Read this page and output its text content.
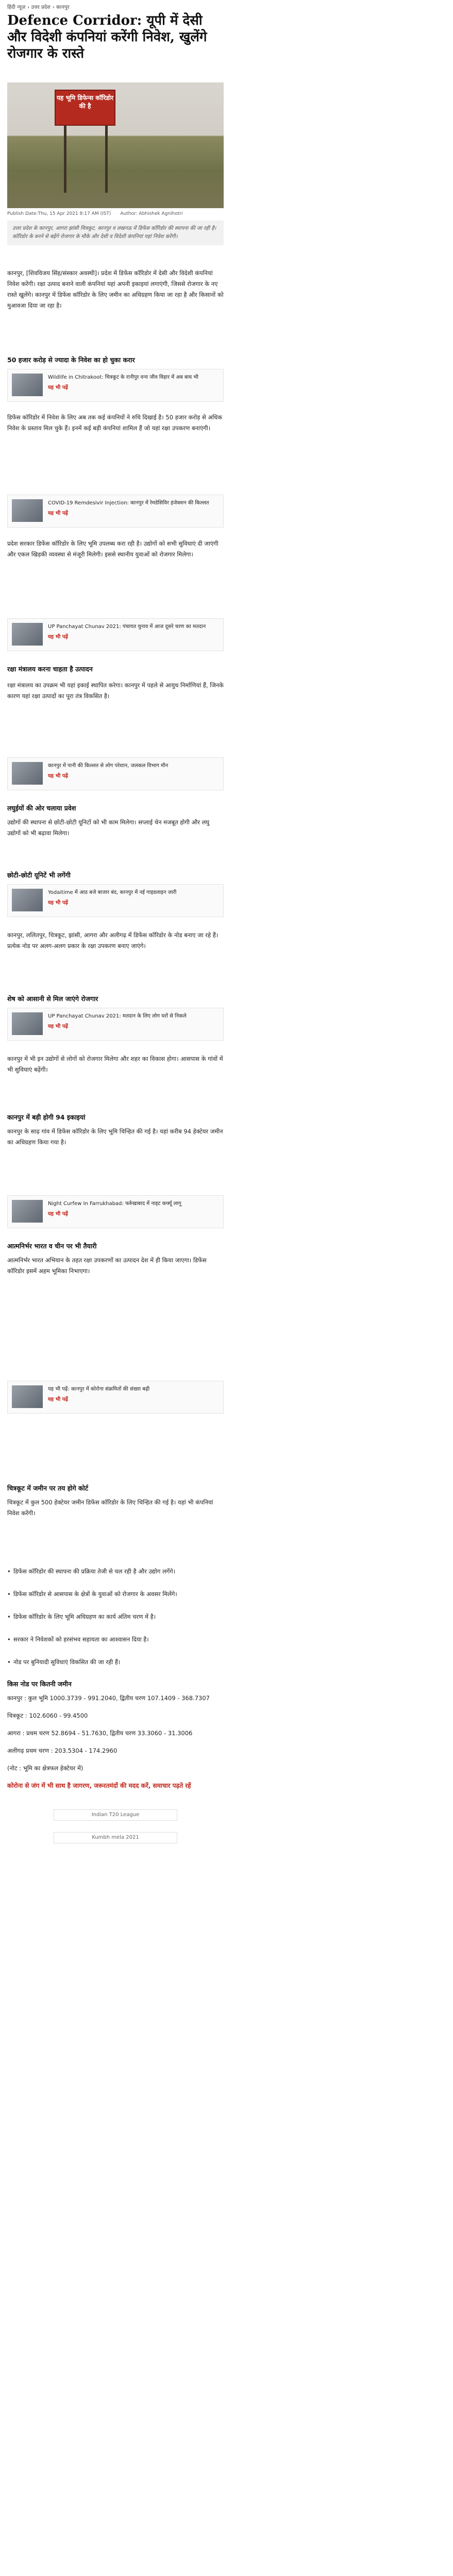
हिंदी न्यूज़ › उत्तर प्रदेश › कानपुर
Defence Corridor: यूपी में देसी और विदेशी कंपनियां करेंगी निवेश, खुलेंगे रोजगार के रास्ते
यह भूमि डिफेन्स कॉरिडोर की है
Publish Date:Thu, 15 Apr 2021 8:17 AM (IST) Author: Abhishek Agnihotri
उत्तर प्रदेश के कानपुर, आगरा झांसी चित्रकूट, कानपुर व लखनऊ में डिफेंस कॉरिडोर की स्थापना की जा रही है। कॉरिडोर के बनने से बढ़ेंगे रोजगार के मौके और देसी व विदेशी कंपनियां यहां निवेश करेंगी।
कानपुर, [शिवविजय सिंह/संस्कार अवस्थी]। प्रदेश में डिफेंस कॉरिडोर में देसी और विदेशी कंपनियां निवेश करेंगी। रक्षा उत्पाद बनाने वाली कंपनियां यहां अपनी इकाइयां लगाएंगी, जिससे रोजगार के नए रास्ते खुलेंगे। कानपुर में डिफेंस कॉरिडोर के लिए जमीन का अधिग्रहण किया जा रहा है और किसानों को मुआवजा दिया जा रहा है।
50 हजार करोड़ से ज्यादा के निवेश का हो चुका करार
Wildlife in Chitrakoot: चित्रकूट के रानीपुर वन्य जीव विहार में अब बाघ भी
यह भी पढ़ें
डिफेंस कॉरिडोर में निवेश के लिए अब तक कई कंपनियों ने रुचि दिखाई है। 50 हजार करोड़ से अधिक निवेश के प्रस्ताव मिल चुके हैं। इनमें कई बड़ी कंपनियां शामिल हैं जो यहां रक्षा उपकरण बनाएंगी।
COVID-19 Remdesivir Injection: कानपुर में रेमडेसिविर इंजेक्शन की किल्लत
यह भी पढ़ें
प्रदेश सरकार डिफेंस कॉरिडोर के लिए भूमि उपलब्ध करा रही है। उद्योगों को सभी सुविधाएं दी जाएंगी और एकल खिड़की व्यवस्था से मंजूरी मिलेगी। इससे स्थानीय युवाओं को रोजगार मिलेगा।
UP Panchayat Chunav 2021: पंचायत चुनाव में आज दूसरे चरण का मतदान
यह भी पढ़ें
रक्षा मंत्रालय करना चाहता है उत्पादन
रक्षा मंत्रालय का उपक्रम भी यहां इकाई स्थापित करेगा। कानपुर में पहले से आयुध निर्माणियां हैं, जिनके कारण यहां रक्षा उत्पादों का पूरा तंत्र विकसित है।
कानपुर में पानी की किल्लत से लोग परेशान, जलकल विभाग मौन
यह भी पढ़ें
लघुईयों की ओर चलाया प्रवेश
उद्योगों की स्थापना से छोटी-छोटी यूनिटों को भी काम मिलेगा। सप्लाई चेन मजबूत होगी और लघु उद्योगों को भी बढ़ावा मिलेगा।
छोटी-छोटी यूनिटें भी लगेंगी
Yodaitime में आठ बजे बाजार बंद, कानपुर में नई गाइडलाइन जारी
यह भी पढ़ें
कानपुर, ललितपुर, चित्रकूट, झांसी, आगरा और अलीगढ़ में डिफेंस कॉरिडोर के नोड बनाए जा रहे हैं। प्रत्येक नोड पर अलग-अलग प्रकार के रक्षा उपकरण बनाए जाएंगे।
शेष को आसानी से मिल जाएंगे रोजगार
UP Panchayat Chunav 2021: मतदान के लिए लोग घरों से निकले
यह भी पढ़ें
कानपुर में भी इन उद्योगों से लोगों को रोजगार मिलेगा और शहर का विकास होगा। आसपास के गांवों में भी सुविधाएं बढ़ेंगी।
कानपुर में बड़ी होगी 94 इकाइयां
कानपुर के साढ़ गांव में डिफेंस कॉरिडोर के लिए भूमि चिन्हित की गई है। यहां करीब 94 हेक्टेयर जमीन का अधिग्रहण किया गया है।
Night Curfew In Farrukhabad: फर्रुखाबाद में नाइट कर्फ्यू लागू
यह भी पढ़ें
आत्मनिर्भर भारत व चीन पर भी तैयारी
आत्मनिर्भर भारत अभियान के तहत रक्षा उपकरणों का उत्पादन देश में ही किया जाएगा। डिफेंस कॉरिडोर इसमें अहम भूमिका निभाएगा।
यह भी पढ़ें: कानपुर में कोरोना संक्रमितों की संख्या बढ़ी
यह भी पढ़ें
चित्रकूट में जमीन पर तय होगे कोर्ट
चित्रकूट में कुल 500 हेक्टेयर जमीन डिफेंस कॉरिडोर के लिए चिन्हित की गई है। यहां भी कंपनियां निवेश करेंगी।
• डिफेंस कॉरिडोर की स्थापना की प्रक्रिया तेजी से चल रही है और उद्योग लगेंगे।
• डिफेंस कॉरिडोर से आसपास के क्षेत्रों के युवाओं को रोजगार के अवसर मिलेंगे।
• डिफेंस कॉरिडोर के लिए भूमि अधिग्रहण का कार्य अंतिम चरण में है।
• सरकार ने निवेशकों को हरसंभव सहायता का आश्वासन दिया है।
• नोड पर बुनियादी सुविधाएं विकसित की जा रही हैं।
किस नोड पर कितनी जमीन
कानपुर : कुल भूमि 1000.3739 - 991.2040, द्वितीय चरण 107.1409 - 368.7307
चित्रकूट : 102.6060 - 99.4500
आगरा : प्रथम चरण 52.8694 - 51.7630, द्वितीय चरण 33.3060 - 31.3006
अलीगढ़ प्रथम चरण : 203.5304 - 174.2960
(नोट : भूमि का क्षेत्रफल हेक्टेयर में)
कोरोना से जंग में भी साथ है जागरण, जरूरतमंदों की मदद करें, समाचार पढ़ते रहें
Indian T20 League
Kumbh mela 2021
